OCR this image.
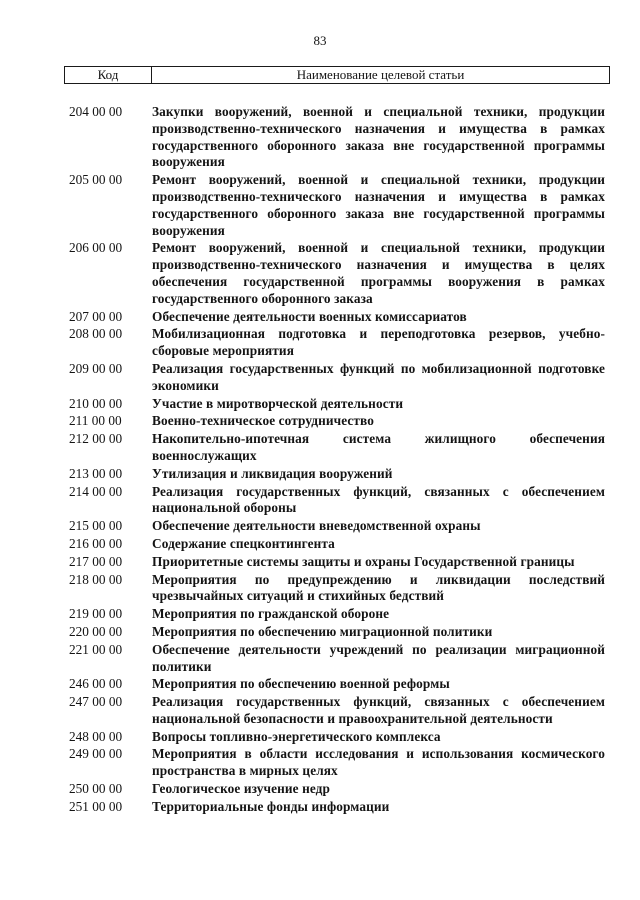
83
Код	Наименование целевой статьи
204 00 00	Закупки вооружений, военной и специальной техники, продукции производственно-технического назначения и имущества в рамках государственного оборонного заказа вне государственной программы вооружения
205 00 00	Ремонт вооружений, военной и специальной техники, продукции производственно-технического назначения и имущества в рамках государственного оборонного заказа вне государственной программы вооружения
206 00 00	Ремонт вооружений, военной и специальной техники, продукции производственно-технического назначения и имущества в целях обеспечения государственной программы вооружения в рамках государственного оборонного заказа
207 00 00	Обеспечение деятельности военных комиссариатов
208 00 00	Мобилизационная подготовка и переподготовка резервов, учебно-сборовые мероприятия
209 00 00	Реализация государственных функций по мобилизационной подготовке экономики
210 00 00	Участие в миротворческой деятельности
211 00 00	Военно-техническое сотрудничество
212 00 00	Накопительно-ипотечная система жилищного обеспечения военнослужащих
213 00 00	Утилизация и ликвидация вооружений
214 00 00	Реализация государственных функций, связанных с обеспечением национальной обороны
215 00 00	Обеспечение деятельности вневедомственной охраны
216 00 00	Содержание спецконтингента
217 00 00	Приоритетные системы защиты и охраны Государственной границы
218 00 00	Мероприятия по предупреждению и ликвидации последствий чрезвычайных ситуаций и стихийных бедствий
219 00 00	Мероприятия по гражданской обороне
220 00 00	Мероприятия по обеспечению миграционной политики
221 00 00	Обеспечение деятельности учреждений по реализации миграционной политики
246 00 00	Мероприятия по обеспечению военной реформы
247 00 00	Реализация государственных функций, связанных с обеспечением национальной безопасности и правоохранительной деятельности
248 00 00	Вопросы топливно-энергетического комплекса
249 00 00	Мероприятия в области исследования и использования космического пространства в мирных целях
250 00 00	Геологическое изучение недр
251 00 00	Территориальные фонды информации
